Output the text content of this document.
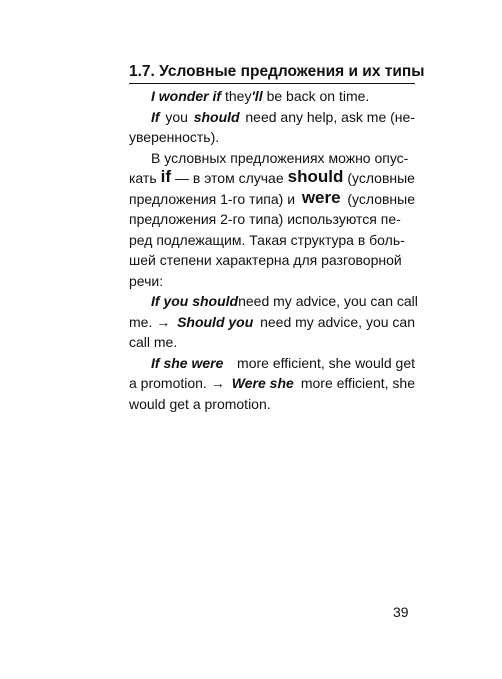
1.7. Условные предложения и их типы
I wonder if they'll be back on time.
If you should need any help, ask me (не-
уверенность).
В условных предложениях можно опус-
кать if — в этом случае should (условные
предложения 1-го типа) и were (условные
предложения 2-го типа) используются пе-
ред подлежащим. Такая структура в боль-
шей степени характерна для разговорной
речи:
If you should need my advice, you can call
me. → Should you need my advice, you can
call me.
If she were more efficient, she would get
a promotion. → Were she more efficient, she
would get a promotion.
39
